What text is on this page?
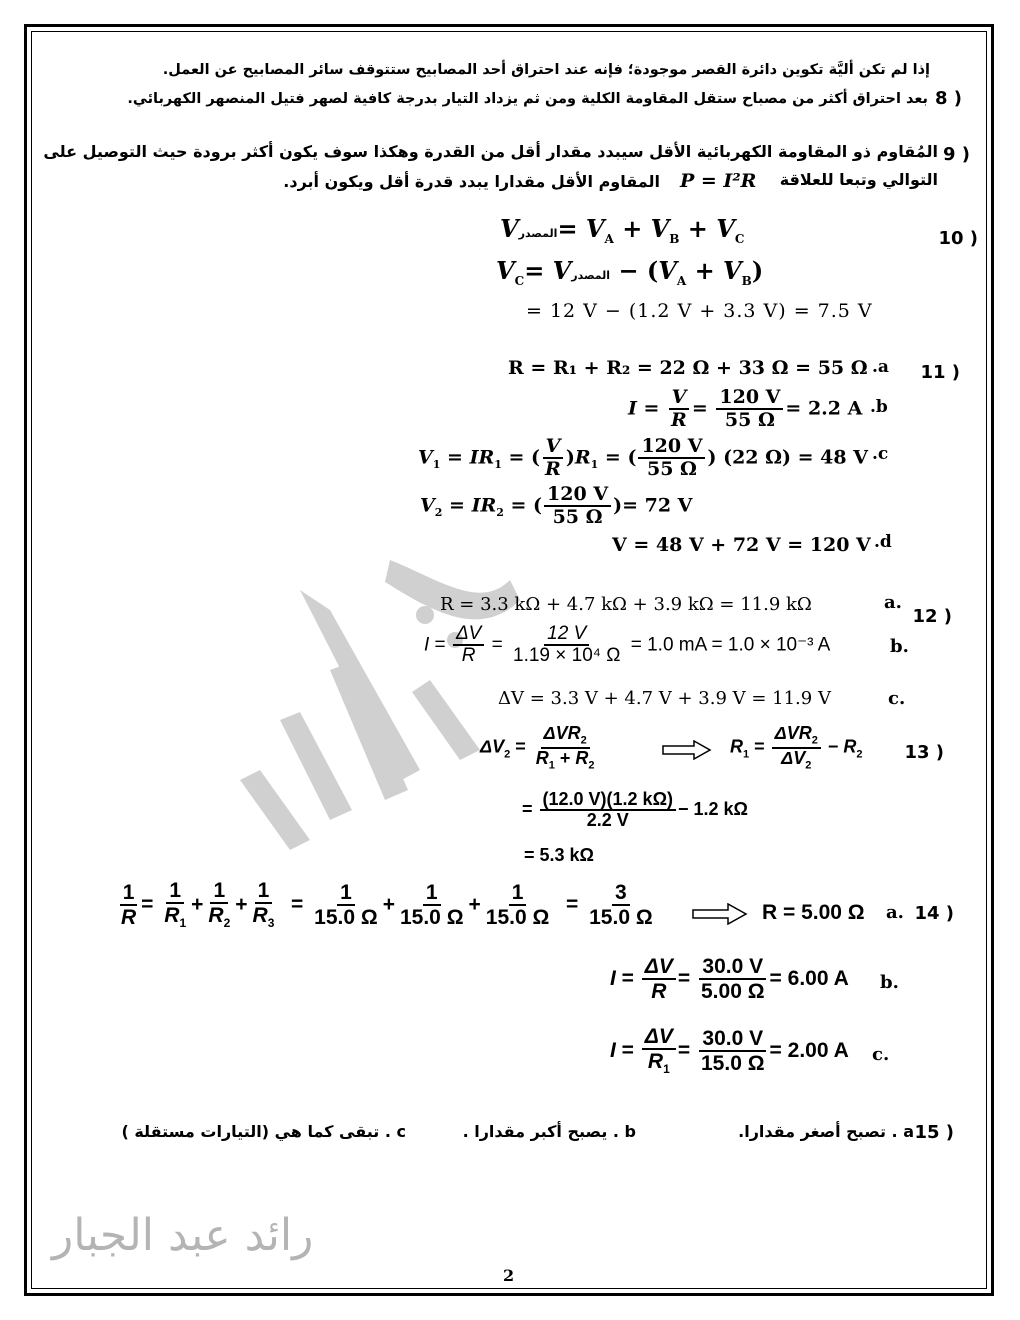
إذا لم تكن أليَّة تكوين دائرة القصر موجودة؛ فإنه عند احتراق أحد المصابيح ستتوقف سائر المصابيح عن العمل.
8 )
بعد احتراق أكثر من مصباح ستقل المقاومة الكلية ومن ثم يزداد التيار بدرجة كافية لصهر فتيل المنصهر الكهربائي.
9 )
المُقاوم ذو المقاومة الكهربائية الأقل سيبدد مقدار أقل من القدرة وهكذا سوف يكون أكثر برودة حيث التوصيل على
التوالي وتبعا للعلاقة
P = I²R
المقاوم الأقل مقدارا يبدد قدرة أقل ويكون أبرد.
10 )
Vالمصدر= $V_A + V_B + V_C$
$V_C=$ Vالمصدر − $(V_A + V_B)$
= 12 V − (1.2 V + 3.3 V) = 7.5 V
11 )
R = R₁ + R₂ = 22 Ω + 33 Ω = 55 Ω .a
$I = \frac{V}{R} = \frac{120 V}{55 \Omega} = 2.2$ A .b
$V_1 = IR_1$ = ( $\frac{V}{R} )R_1$ = ( $\frac{120 V}{55 \Omega}$ ) (22 Ω) = 48 V .c
$V_2 = IR_2$ = ( $\frac{120 V}{55 \Omega}$ )= 72 V
V = 48 V + 72 V = 120 V .d
12 )
R = 3.3 kΩ + 4.7 kΩ + 3.9 kΩ = 11.9 kΩ	a.
$I = \frac{\Delta V}{R} = \frac{12 V}{\text{1.19 × 10⁴ Ω}} = 1.0$ mA = 1.0 × 10⁻³ A	b.
ΔV = 3.3 V + 4.7 V + 3.9 V = 11.9 V	c.
13 )
$\Delta V_2 = \frac{\Delta VR_2}{R_1 + R_2}$	$R_1 = \frac{\Delta VR_2}{\Delta V_2} - R_2$
= $\frac{(12.0 V)(1.2 k\Omega)}{2.2 V} - 1.2$ kΩ
= 5.3 kΩ
14 )
$\frac{1}{R} = \frac{1}{R_1} + \frac{1}{R_2} + \frac{1}{R_3} = \frac{1}{15.0 \Omega} + \frac{1}{15.0 \Omega} + \frac{1}{15.0 \Omega} = \frac{3}{15.0 \Omega}$	R = 5.00 Ω a.
$I = \frac{\Delta V}{R} = \frac{30.0 V}{5.00 \Omega} = 6.00$ A b.
$I = \frac{\Delta V}{R_1} = \frac{30.0 V}{15.0 \Omega} = 2.00$ A c.
15 )
a . تصبح أصغر مقدارا.
b . يصبح أكبر مقدارا .
c . تبقى كما هي (التيارات مستقلة )
رائد عبد الجبار
2
